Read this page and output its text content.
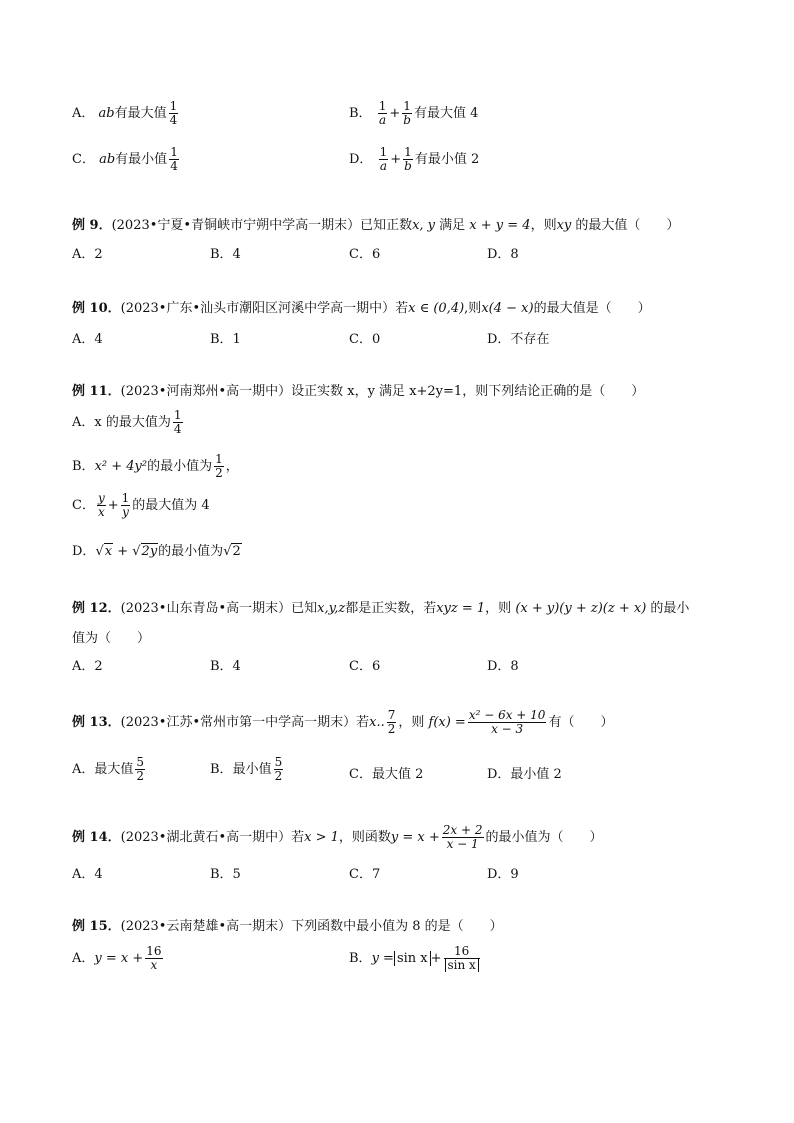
A． ab有最大值 $\frac{1}{4}$	B． $\frac{1}{a} + \frac{1}{b}$ 有最大值 4
C． ab有最小值 $\frac{1}{4}$	D． $\frac{1}{a} + \frac{1}{b}$ 有最小值 2
例 9．(2023•宁夏•青铜峡市宁朔中学高一期末）已知正数x, y 满足 x + y = 4，则xy 的最大值（　　）
A．2	B．4	C．6	D．8
例 10．(2023•广东•汕头市潮阳区河溪中学高一期中）若x ∈ (0,4),则x(4 − x)的最大值是（　　）
A．4	B．1	C．0	D．不存在
例 11．(2023•河南郑州•高一期中）设正实数 x，y 满足 x+2y=1，则下列结论正确的是（　　）
A．x 的最大值为 $\frac{1}{4}$
B．x² + 4y²的最小值为 $\frac{1}{2}$ ，
C． $\frac{y}{x} + \frac{1}{y}$ 的最大值为 4
D．√x + √2y的最小值为√2
例 12．(2023•山东青岛•高一期末）已知x,y,z都是正实数，若xyz = 1，则 (x + y)(y + z)(z + x) 的最小
值为（　　）
A．2	B．4	C．6	D．8
例 13．(2023•江苏•常州市第一中学高一期末）若x.. $\frac{7}{2}$ ，则 $f(x) = \frac{\text{x² − 6x + 10}}{x - 3}$ 有（　　）
A．最大值 $\frac{5}{2}$	B．最小值 $\frac{5}{2}$	C．最大值 2	D．最小值 2
例 14．(2023•湖北黄石•高一期中）若x > 1，则函数$y = x + \frac{2x + 2}{x - 1}$ 的最小值为（　　）
A．4	B．5	C．7	D．9
例 15．(2023•云南楚雄•高一期末）下列函数中最小值为 8 的是（　　）
A．$y = x + \frac{16}{x}$	B．$y = \sin x + \frac{16}{\text{sin x}}$
